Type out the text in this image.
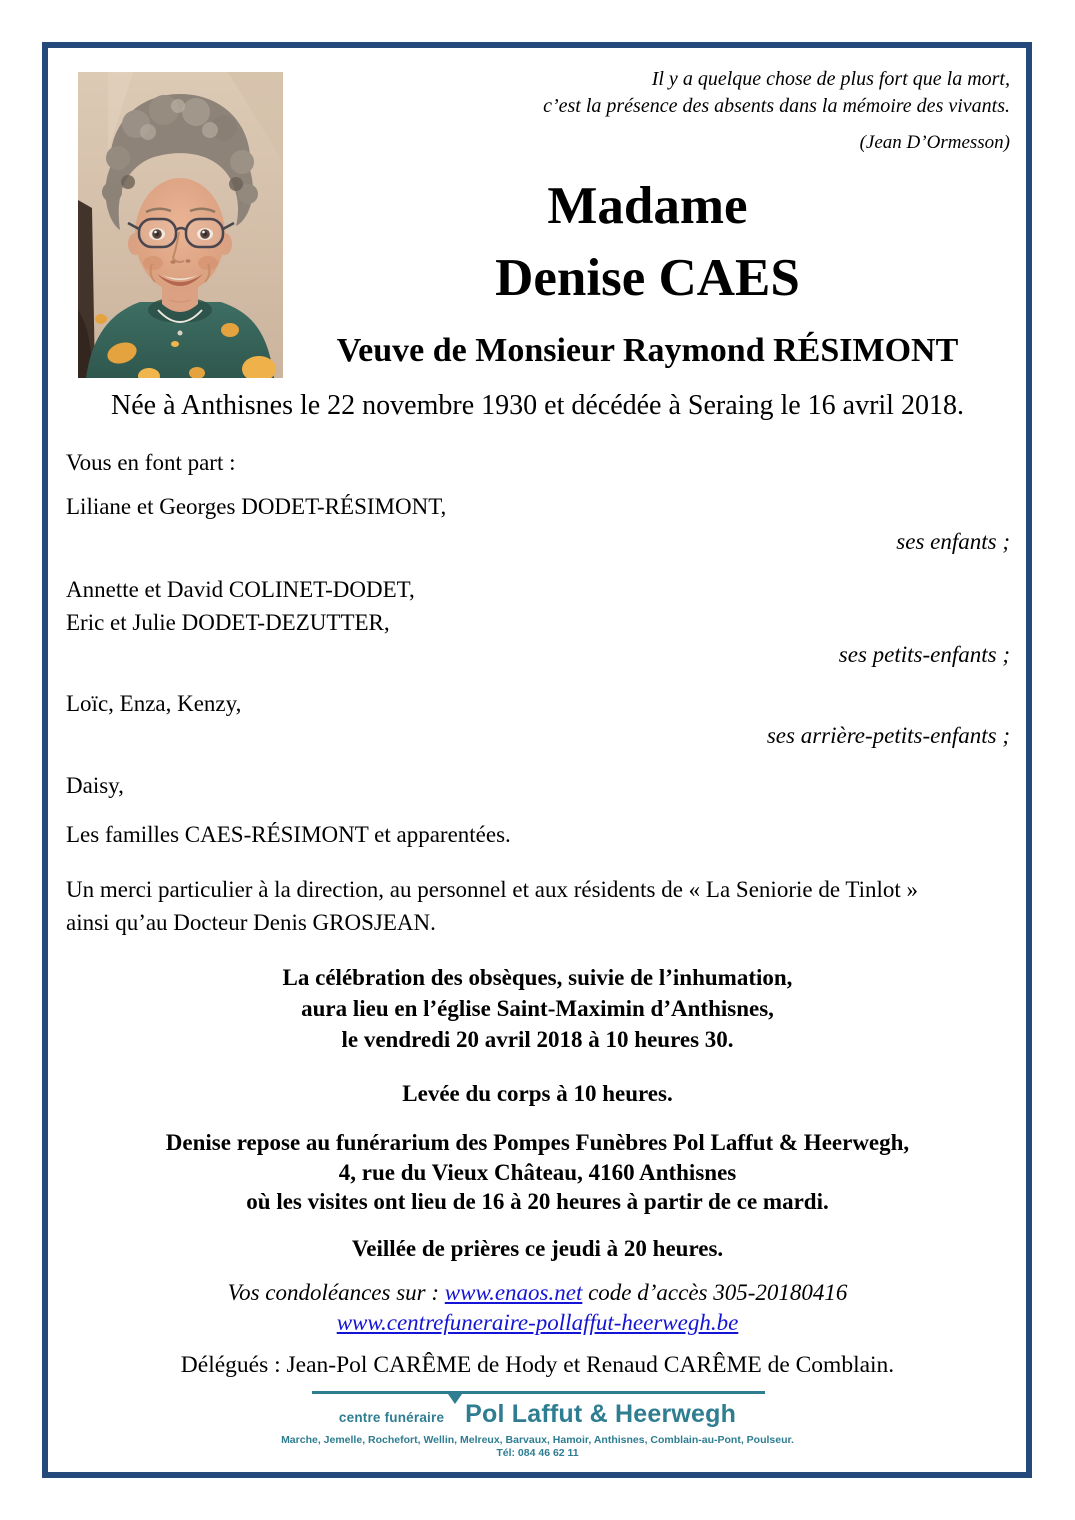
Il y a quelque chose de plus fort que la mort,
c’est la présence des absents dans la mémoire des vivants.
(Jean D’Ormesson)
Madame
Denise CAES
Veuve de Monsieur Raymond RÉSIMONT
Née à Anthisnes le 22 novembre 1930 et décédée à Seraing le 16 avril 2018.
Vous en font part :
Liliane et Georges DODET-RÉSIMONT,
ses enfants ;
Annette et David COLINET-DODET,
Eric et Julie DODET-DEZUTTER,
ses petits-enfants ;
Loïc, Enza, Kenzy,
ses arrière-petits-enfants ;
Daisy,
Les familles CAES-RÉSIMONT et apparentées.
Un merci particulier à la direction, au personnel et aux résidents de « La Seniorie de Tinlot »
ainsi qu’au Docteur Denis GROSJEAN.
La célébration des obsèques, suivie de l’inhumation,
aura lieu en l’église Saint-Maximin d’Anthisnes,
le vendredi 20 avril 2018 à 10 heures 30.
Levée du corps à 10 heures.
Denise repose au funérarium des Pompes Funèbres Pol Laffut & Heerwegh,
4, rue du Vieux Château, 4160 Anthisnes
où les visites ont lieu de 16 à 20 heures à partir de ce mardi.
Veillée de prières ce jeudi à 20 heures.
Vos condoléances sur : www.enaos.net code d’accès 305-20180416
www.centrefuneraire-pollaffut-heerwegh.be
Délégués : Jean-Pol CARÊME de Hody et Renaud CARÊME de Comblain.
centre funéraire Pol Laffut & Heerwegh
Marche, Jemelle, Rochefort, Wellin, Melreux, Barvaux, Hamoir, Anthisnes, Comblain-au-Pont, Poulseur.
Tél: 084 46 62 11
